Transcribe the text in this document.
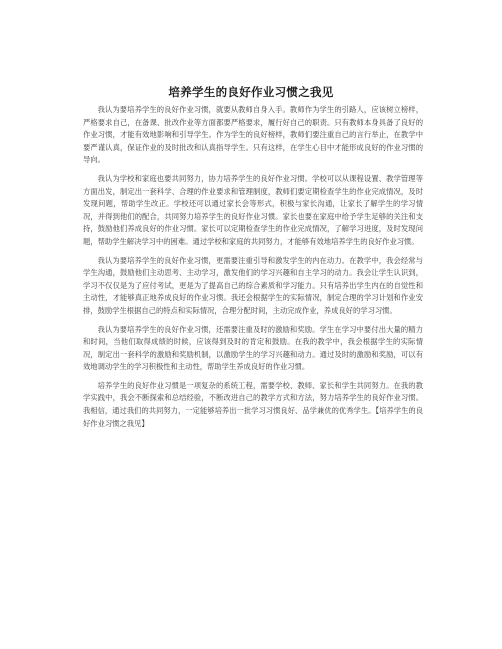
培养学生的良好作业习惯之我见

我认为要培养学生的良好作业习惯，就要从教师自身入手。教师作为学生的引路人，应该树立榜样，严格要求自己，在备课、批改作业等方面都要严格要求，履行好自己的职责。只有教师本身具备了良好的作业习惯，才能有效地影响和引导学生。作为学生的良好榜样，教师们要注重自己的言行举止，在教学中要严谨认真，保证作业的及时批改和认真指导学生。只有这样，在学生心目中才能形成良好的作业习惯的导向。

我认为学校和家庭也要共同努力，协力培养学生的良好作业习惯。学校可以从课程设置、教学管理等方面出发，制定出一套科学、合理的作业要求和管理制度，教师们要定期检查学生的作业完成情况，及时发现问题，帮助学生改正。学校还可以通过家长会等形式，积极与家长沟通，让家长了解学生的学习情况，并得到他们的配合，共同努力培养学生的良好作业习惯。家长也要在家庭中给予学生足够的关注和支持，鼓励他们养成良好的作业习惯。家长可以定期检查学生的作业完成情况，了解学习进度，及时发现问题，帮助学生解决学习中的困难。通过学校和家庭的共同努力，才能够有效地培养学生的良好作业习惯。

我认为要培养学生的良好作业习惯，更需要注重引导和激发学生的内在动力。在教学中，我会经常与学生沟通，鼓励他们主动思考、主动学习，激发他们的学习兴趣和自主学习的动力。我会让学生认识到，学习不仅仅是为了应付考试，更是为了提高自己的综合素质和学习能力。只有培养出学生内在的自觉性和主动性，才能够真正地养成良好的作业习惯。我还会根据学生的实际情况，制定合理的学习计划和作业安排，鼓励学生根据自己的特点和实际情况，合理分配时间，主动完成作业，养成良好的学习习惯。

我认为要培养学生的良好作业习惯，还需要注重及时的激励和奖励。学生在学习中要付出大量的精力和时间，当他们取得成绩的时候，应该得到及时的肯定和鼓励。在我的教学中，我会根据学生的实际情况，制定出一套科学的激励和奖励机制，以激励学生的学习兴趣和动力。通过及时的激励和奖励，可以有效地调动学生的学习积极性和主动性，帮助学生养成良好的作业习惯。

培养学生的良好作业习惯是一项复杂的系统工程，需要学校、教师、家长和学生共同努力。在我的教学实践中，我会不断探索和总结经验，不断改进自己的教学方式和方法，努力培养学生的良好作业习惯。我相信，通过我们的共同努力，一定能够培养出一批学习习惯良好、品学兼优的优秀学生。【培养学生的良好作业习惯之我见】
